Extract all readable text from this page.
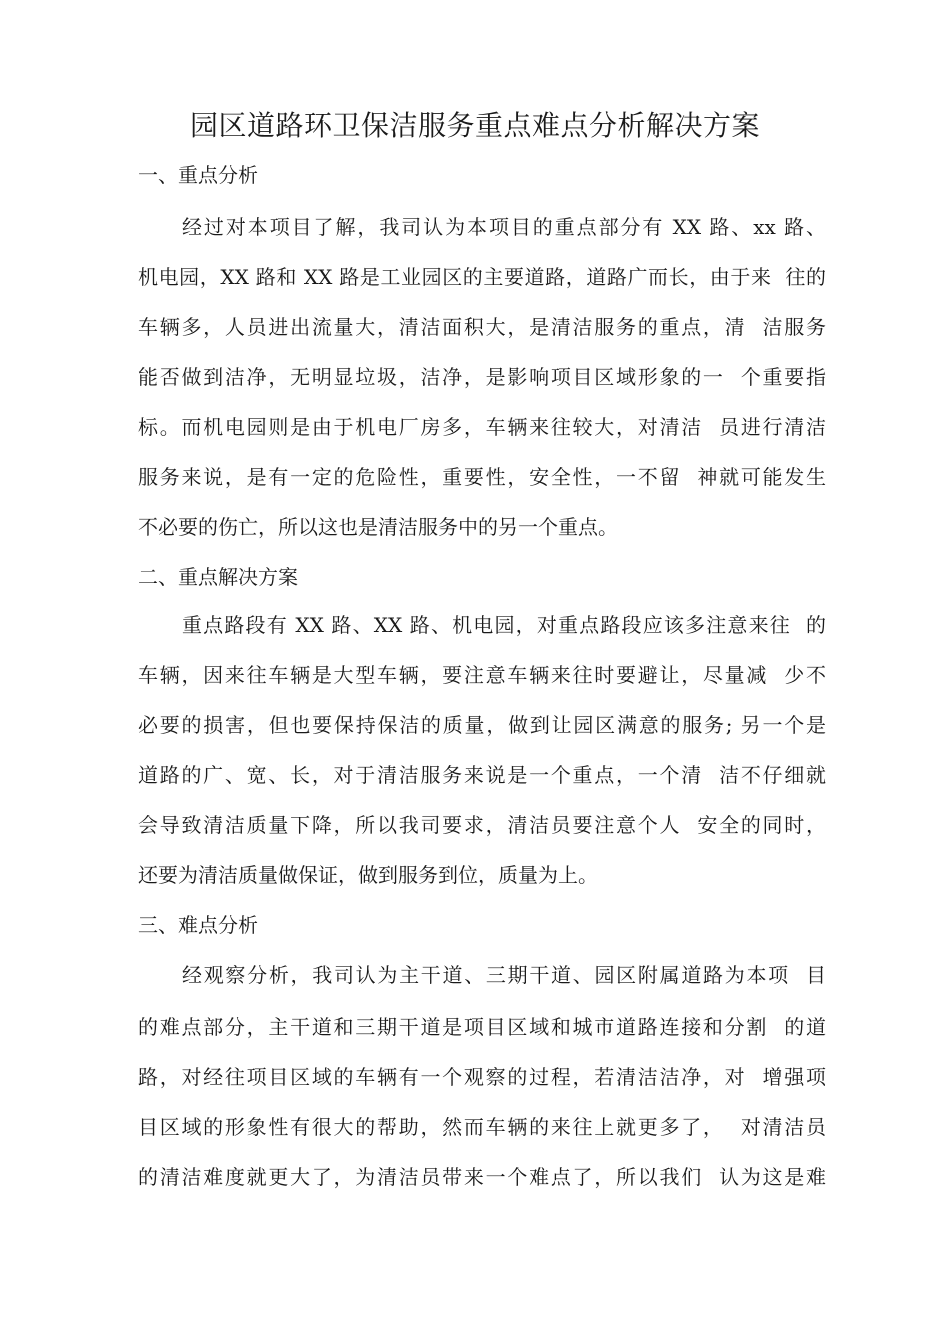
园区道路环卫保洁服务重点难点分析解决方案
一、重点分析
经过对本项目了解，我司认为本项目的重点部分有 XX 路、xx 路、
机电园，XX 路和 XX 路是工业园区的主要道路，道路广而长，由于来  往的
车辆多，人员进出流量大，清洁面积大，是清洁服务的重点，清  洁服务
能否做到洁净，无明显垃圾，洁净，是影响项目区域形象的一  个重要指
标。而机电园则是由于机电厂房多，车辆来往较大，对清洁  员进行清洁
服务来说，是有一定的危险性，重要性，安全性，一不留  神就可能发生
不必要的伤亡，所以这也是清洁服务中的另一个重点。
二、重点解决方案
重点路段有 XX 路、XX 路、机电园，对重点路段应该多注意来往  的
车辆，因来往车辆是大型车辆，要注意车辆来往时要避让，尽量减  少不
必要的损害，但也要保持保洁的质量，做到让园区满意的服务; 另一个是
道路的广、宽、长，对于清洁服务来说是一个重点，一个清  洁不仔细就
会导致清洁质量下降，所以我司要求，清洁员要注意个人  安全的同时，
还要为清洁质量做保证，做到服务到位，质量为上。
三、难点分析
经观察分析，我司认为主干道、三期干道、园区附属道路为本项  目
的难点部分，主干道和三期干道是项目区域和城市道路连接和分割  的道
路，对经往项目区域的车辆有一个观察的过程，若清洁洁净，对  增强项
目区域的形象性有很大的帮助，然而车辆的来往上就更多了，  对清洁员
的清洁难度就更大了，为清洁员带来一个难点了，所以我们  认为这是难
